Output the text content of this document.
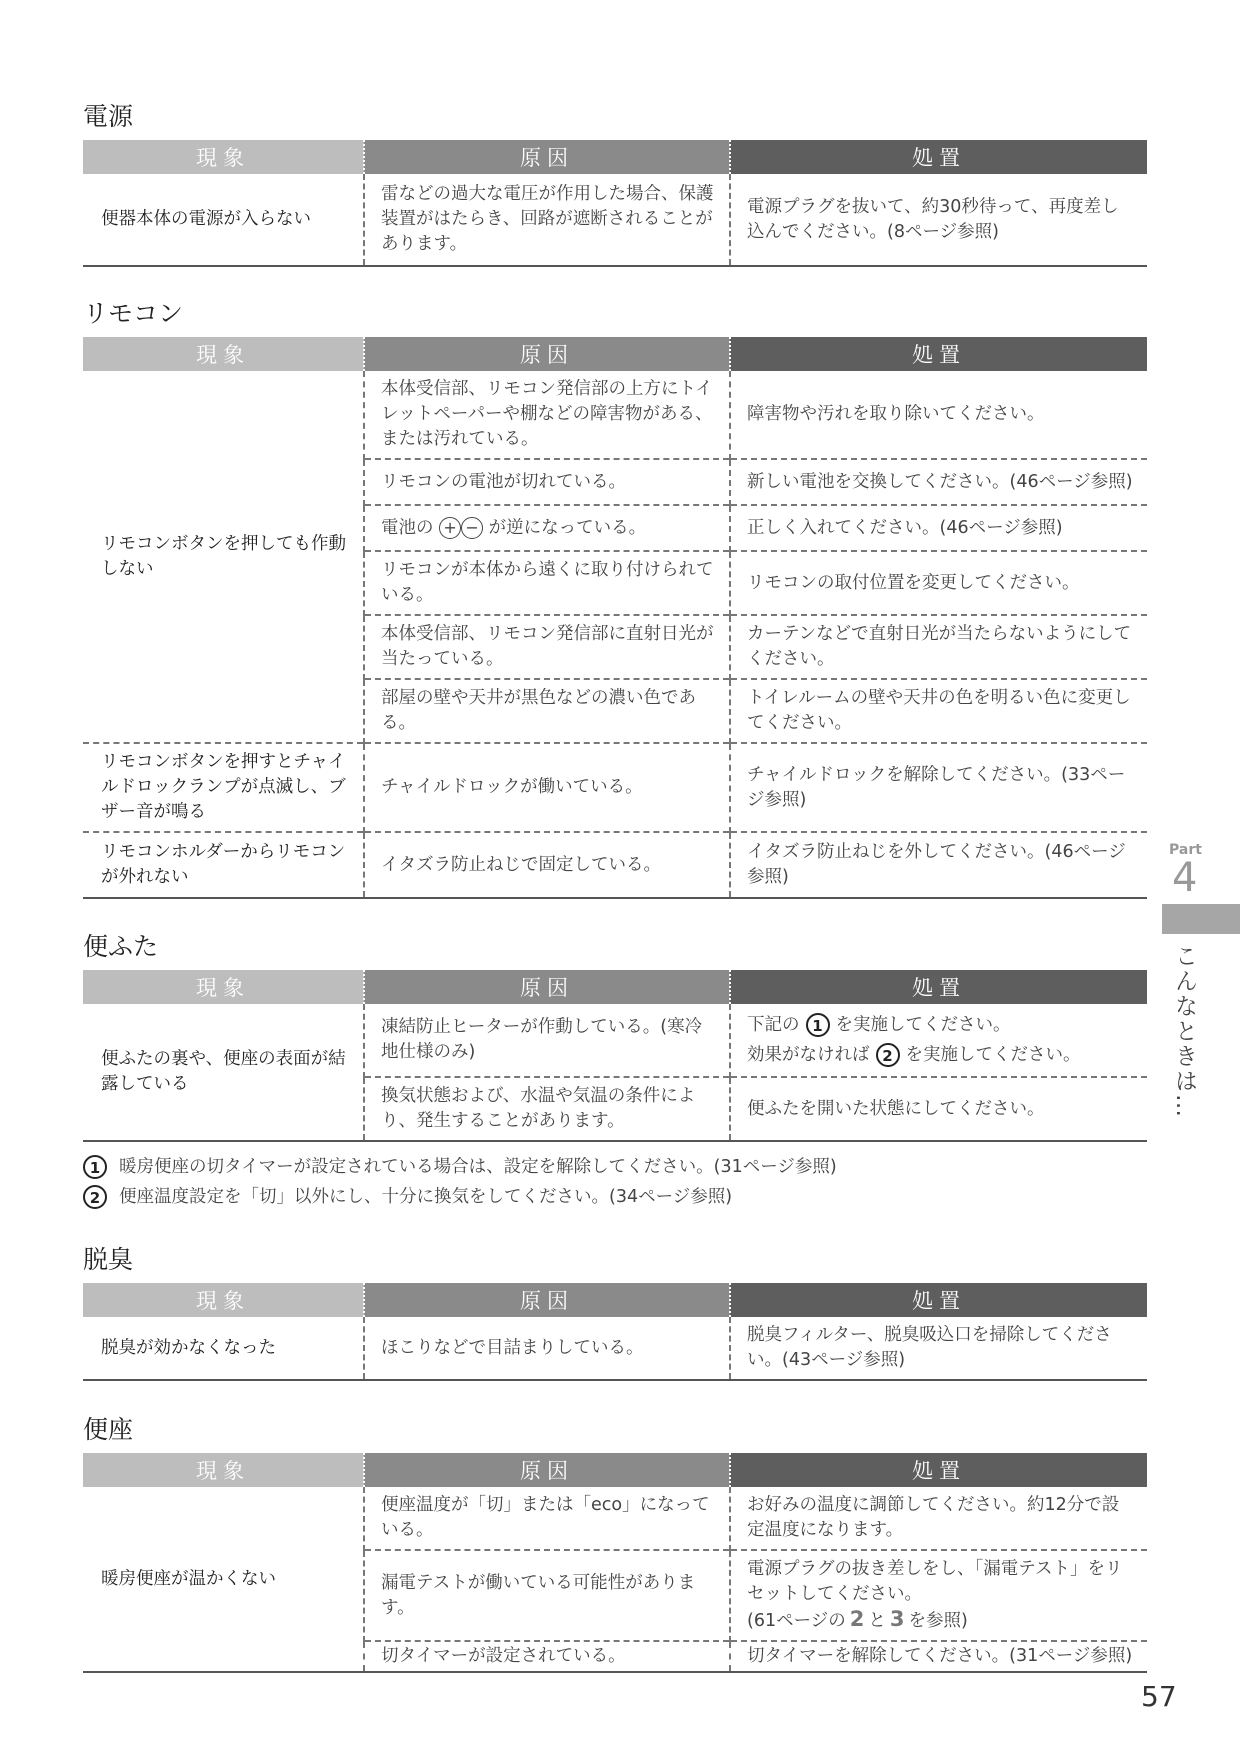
電源
現象	原因	処置
便器本体の電源が入らない	雷などの過大な電圧が作用した場合、保護装置がはたらき、回路が遮断されることがあります。	電源プラグを抜いて、約30秒待って、再度差し込んでください。(8ページ参照)
リモコン
現象	原因	処置
リモコンボタンを押しても作動しない	本体受信部、リモコン発信部の上方にトイレットペーパーや棚などの障害物がある、または汚れている。	障害物や汚れを取り除いてください。
	リモコンの電池が切れている。	新しい電池を交換してください。(46ページ参照)
	電池の + − が逆になっている。	正しく入れてください。(46ページ参照)
	リモコンが本体から遠くに取り付けられている。	リモコンの取付位置を変更してください。
	本体受信部、リモコン発信部に直射日光が当たっている。	カーテンなどで直射日光が当たらないようにしてください。
	部屋の壁や天井が黒色などの濃い色である。	トイレルームの壁や天井の色を明るい色に変更してください。
リモコンボタンを押すとチャイルドロックランプが点滅し、ブザー音が鳴る	チャイルドロックが働いている。	チャイルドロックを解除してください。(33ページ参照)
リモコンホルダーからリモコンが外れない	イタズラ防止ねじで固定している。	イタズラ防止ねじを外してください。(46ページ参照)
便ふた
現象	原因	処置
便ふたの裏や、便座の表面が結露している	凍結防止ヒーターが作動している。(寒冷地仕様のみ)	下記の 1 を実施してください。
効果がなければ 2 を実施してください。
	換気状態および、水温や気温の条件により、発生することがあります。	便ふたを開いた状態にしてください。
1 暖房便座の切タイマーが設定されている場合は、設定を解除してください。(31ページ参照)
2 便座温度設定を「切」以外にし、十分に換気をしてください。(34ページ参照)
脱臭
現象	原因	処置
脱臭が効かなくなった	ほこりなどで目詰まりしている。	脱臭フィルター、脱臭吸込口を掃除してください。(43ページ参照)
便座
現象	原因	処置
暖房便座が温かくない	便座温度が「切」または「eco」になっている。	お好みの温度に調節してください。約12分で設定温度になります。
	漏電テストが働いている可能性があります。	電源プラグの抜き差しをし、「漏電テスト」をリセットしてください。
(61ページの 2 と 3 を参照)
	切タイマーが設定されている。	切タイマーを解除してください。(31ページ参照)
Part
4
こんなときは…
57
